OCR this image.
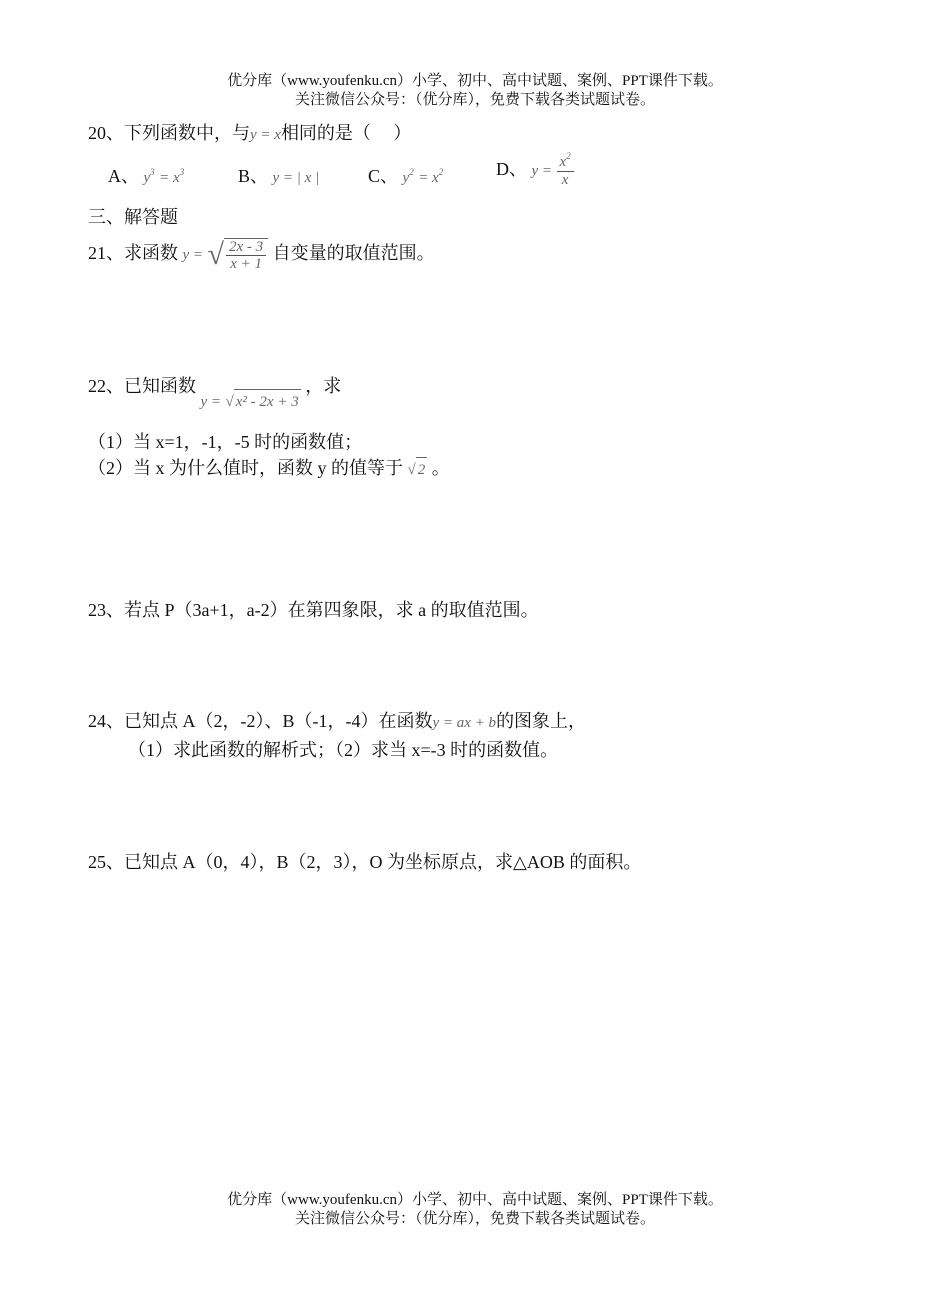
优分库（www.youfenku.cn）小学、初中、高中试题、案例、PPT课件下载。
关注微信公众号：（优分库），免费下载各类试题试卷。
20、下列函数中，与y = x相同的是（　 ）
A、 $y^3 = x^3$	B、 y = | x |	C、 $y^2 = x^2$	D、 $y = \frac{x^2}{x}$
三、解答题
21、求函数 y = √ $\frac{2x - 3}{x + 1}$ 自变量的取值范围。
22、已知函数 y = √ x² - 2x + 3
，求
（1）当 x=1，-1，-5 时的函数值；
（2）当 x 为什么值时，函数 y 的值等于 √ 2 。
23、若点 P（3a+1，a-2）在第四象限，求 a 的取值范围。
24、已知点 A（2，-2）、B（-1，-4）在函数y = ax + b的图象上，
（1）求此函数的解析式；（2）求当 x=-3 时的函数值。
25、已知点 A（0，4），B（2，3），O 为坐标原点，求△AOB 的面积。
优分库（www.youfenku.cn）小学、初中、高中试题、案例、PPT课件下载。
关注微信公众号：（优分库），免费下载各类试题试卷。
